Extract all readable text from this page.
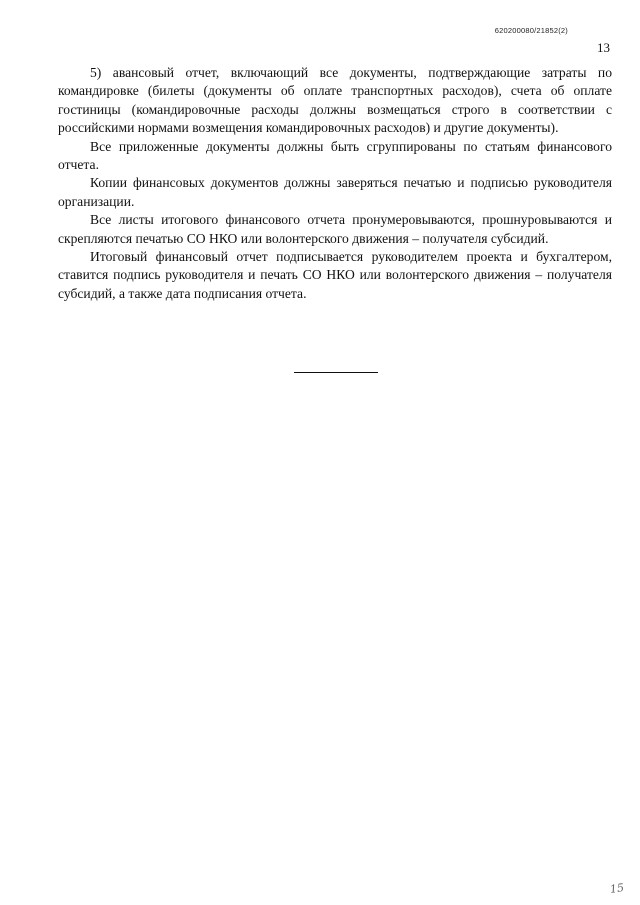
620200080/21852(2)
13

5) авансовый отчет, включающий все документы, подтверждающие затраты по командировке (билеты (документы об оплате транспортных расходов), счета об оплате гостиницы (командировочные расходы должны возмещаться строго в соответствии с российскими нормами возмещения командировочных расходов) и другие документы).

Все приложенные документы должны быть сгруппированы по статьям финансового отчета.

Копии финансовых документов должны заверяться печатью и подписью руководителя организации.

Все листы итогового финансового отчета пронумеровываются, прошнуровываются и скрепляются печатью СО НКО или волонтерского движения – получателя субсидий.

Итоговый финансовый отчет подписывается руководителем проекта и бухгалтером, ставится подпись руководителя и печать СО НКО или волонтерского движения – получателя субсидий, а также дата подписания отчета.

15
